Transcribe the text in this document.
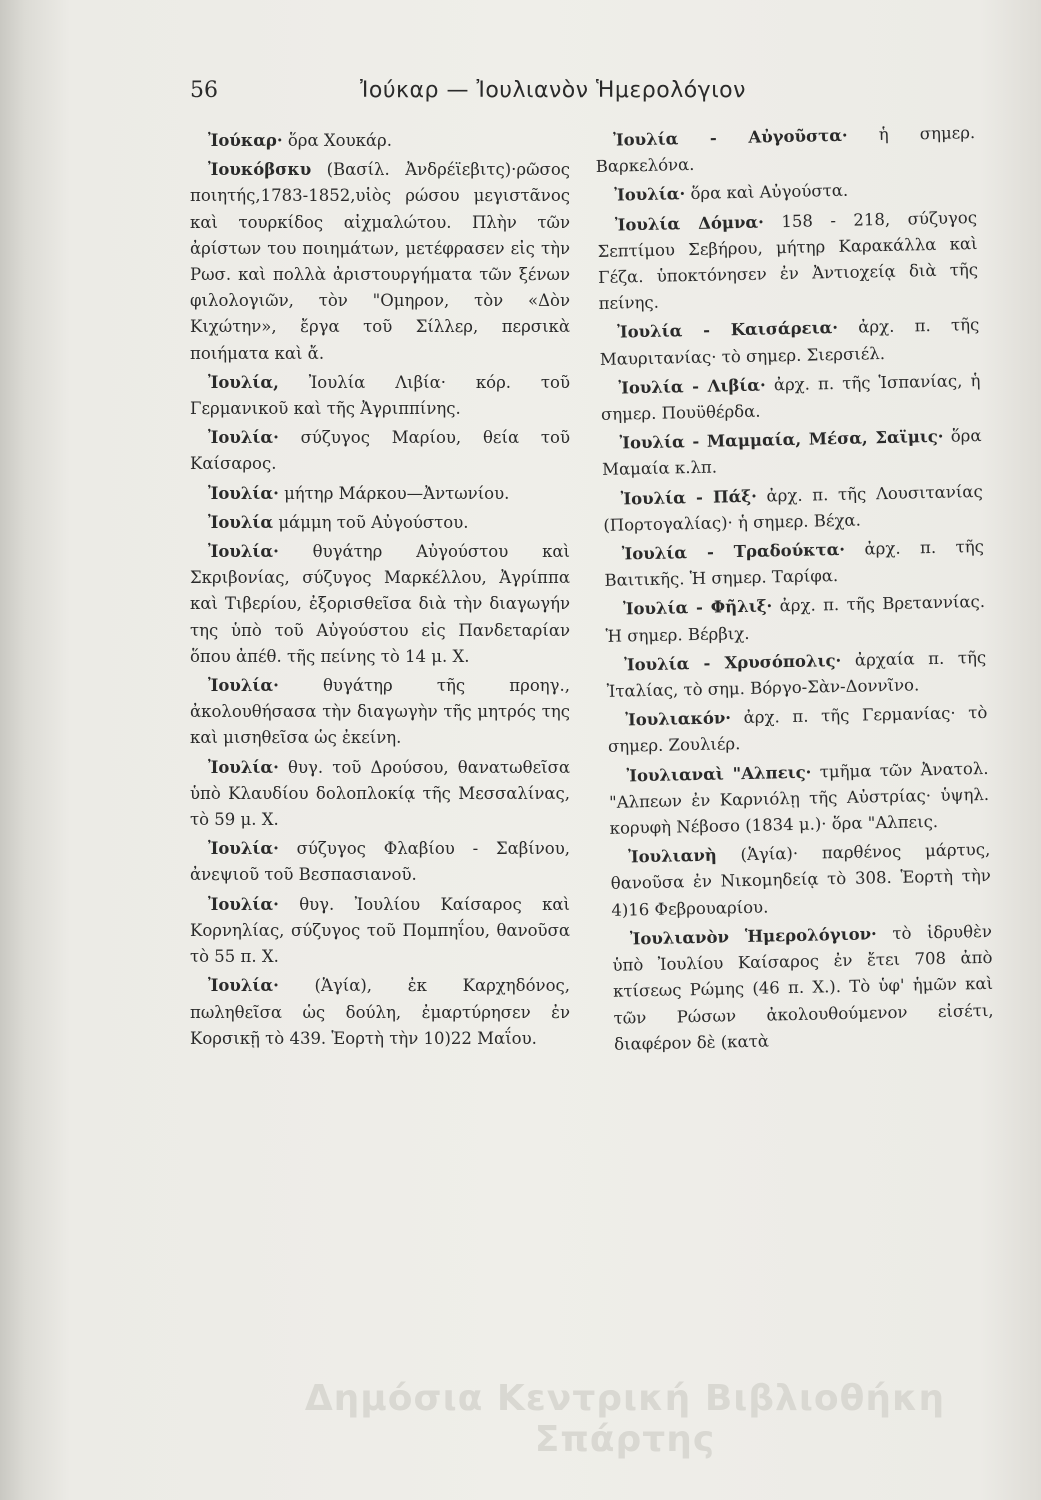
56	Ἰούκαρ — Ἰουλιανὸν Ἡμερολόγιον

Ἰούκαρ· ὅρα Χουκάρ.

Ἰουκόβσκυ (Βασίλ. Ἀνδρέϊεβιτς)·ρῶσος ποιητής,1783-1852,υἱὸς ρώσου μεγιστᾶνος καὶ τουρκίδος αἰχμαλώτου. Πλὴν τῶν ἀρίστων του ποιημάτων, μετέφρασεν εἰς τὴν Ρωσ. καὶ πολλὰ ἀριστουργήματα τῶν ξένων φιλολογιῶν, τὸν "Ομηρον, τὸν «Δὸν Κιχώτην», ἔργα τοῦ Σίλλερ, περσικὰ ποιήματα καὶ ἄ.

Ἰουλία, Ἰουλία Λιβία· κόρ. τοῦ Γερμανικοῦ καὶ τῆς Ἀγριππίνης.

Ἰουλία· σύζυγος Μαρίου, θεία τοῦ Καίσαρος.

Ἰουλία· μήτηρ Μάρκου—Ἀντωνίου.

Ἰουλία μάμμη τοῦ Αὐγούστου.

Ἰουλία· θυγάτηρ Αὐγούστου καὶ Σκριβονίας, σύζυγος Μαρκέλλου, Ἀγρίππα καὶ Τιβερίου, ἐξορισθεῖσα διὰ τὴν διαγωγήν της ὑπὸ τοῦ Αὐγούστου εἰς Πανδεταρίαν ὅπου ἀπέθ. τῆς πείνης τὸ 14 μ. Χ.

Ἰουλία· θυγάτηρ τῆς προηγ., ἀκολουθήσασα τὴν διαγωγὴν τῆς μητρός της καὶ μισηθεῖσα ὡς ἐκείνη.

Ἰουλία· θυγ. τοῦ Δρούσου, θανατωθεῖσα ὑπὸ Κλαυδίου δολοπλοκίᾳ τῆς Μεσσαλίνας, τὸ 59 μ. Χ.

Ἰουλία· σύζυγος Φλαβίου - Σαβίνου, ἀνεψιοῦ τοῦ Βεσπασιανοῦ.

Ἰουλία· θυγ. Ἰουλίου Καίσαρος καὶ Κορνηλίας, σύζυγος τοῦ Πομπηΐου, θανοῦσα τὸ 55 π. Χ.

Ἰουλία· (Ἁγία), ἐκ Καρχηδόνος, πωληθεῖσα ὡς δούλη, ἐμαρτύρησεν ἐν Κορσικῇ τὸ 439. Ἑορτὴ τὴν 10)22 Μαΐου.

Ἰουλία - Αὐγοῦστα· ἡ σημερ. Βαρκελόνα.

Ἰουλία· ὅρα καὶ Αὐγούστα.

Ἰουλία Δόμνα· 158 - 218, σύζυγος Σεπτίμου Σεβήρου, μήτηρ Καρακάλλα καὶ Γέζα. ὑποκτόνησεν ἐν Ἀντιοχείᾳ διὰ τῆς πείνης.

Ἰουλία - Καισάρεια· ἀρχ. π. τῆς Μαυριτανίας· τὸ σημερ. Σιερσιέλ.

Ἰουλία - Λιβία· ἀρχ. π. τῆς Ἱσπανίας, ἡ σημερ. Πουϋθέρδα.

Ἰουλία - Μαμμαία, Μέσα, Σαϊμις· ὅρα Μαμαία κ.λπ.

Ἰουλία - Πάξ· ἀρχ. π. τῆς Λουσιτανίας (Πορτογαλίας)· ἡ σημερ. Βέχα.

Ἰουλία - Τραδούκτα· ἀρχ. π. τῆς Βαιτικῆς. Ἡ σημερ. Ταρίφα.

Ἰουλία - Φῆλιξ· ἀρχ. π. τῆς Βρεταννίας. Ἡ σημερ. Βέρβιχ.

Ἰουλία - Χρυσόπολις· ἀρχαία π. τῆς Ἰταλίας, τὸ σημ. Βόργο-Σὰν-Δοννῖνο.

Ἰουλιακόν· ἀρχ. π. τῆς Γερμανίας· τὸ σημερ. Ζουλιέρ.

Ἰουλιαναὶ "Αλπεις· τμῆμα τῶν Ἀνατολ. "Αλπεων ἐν Καρνιόλῃ τῆς Αὐστρίας· ὑψηλ. κορυφὴ Νέβοσο (1834 μ.)· ὅρα "Αλπεις.

Ἰουλιανὴ (Ἁγία)· παρθένος μάρτυς, θανοῦσα ἐν Νικομηδείᾳ τὸ 308. Ἑορτὴ τὴν 4)16 Φεβρουαρίου.

Ἰουλιανὸν Ἡμερολόγιον· τὸ ἱδρυθὲν ὑπὸ Ἰουλίου Καίσαρος ἐν ἔτει 708 ἀπὸ κτίσεως Ρώμης (46 π. Χ.). Τὸ ὑφ' ἡμῶν καὶ τῶν Ρώσων ἀκολουθούμενον εἰσέτι, διαφέρον δὲ (κατὰ

Δημόσια Κεντρική Βιβλιοθήκη Σπάρτης
